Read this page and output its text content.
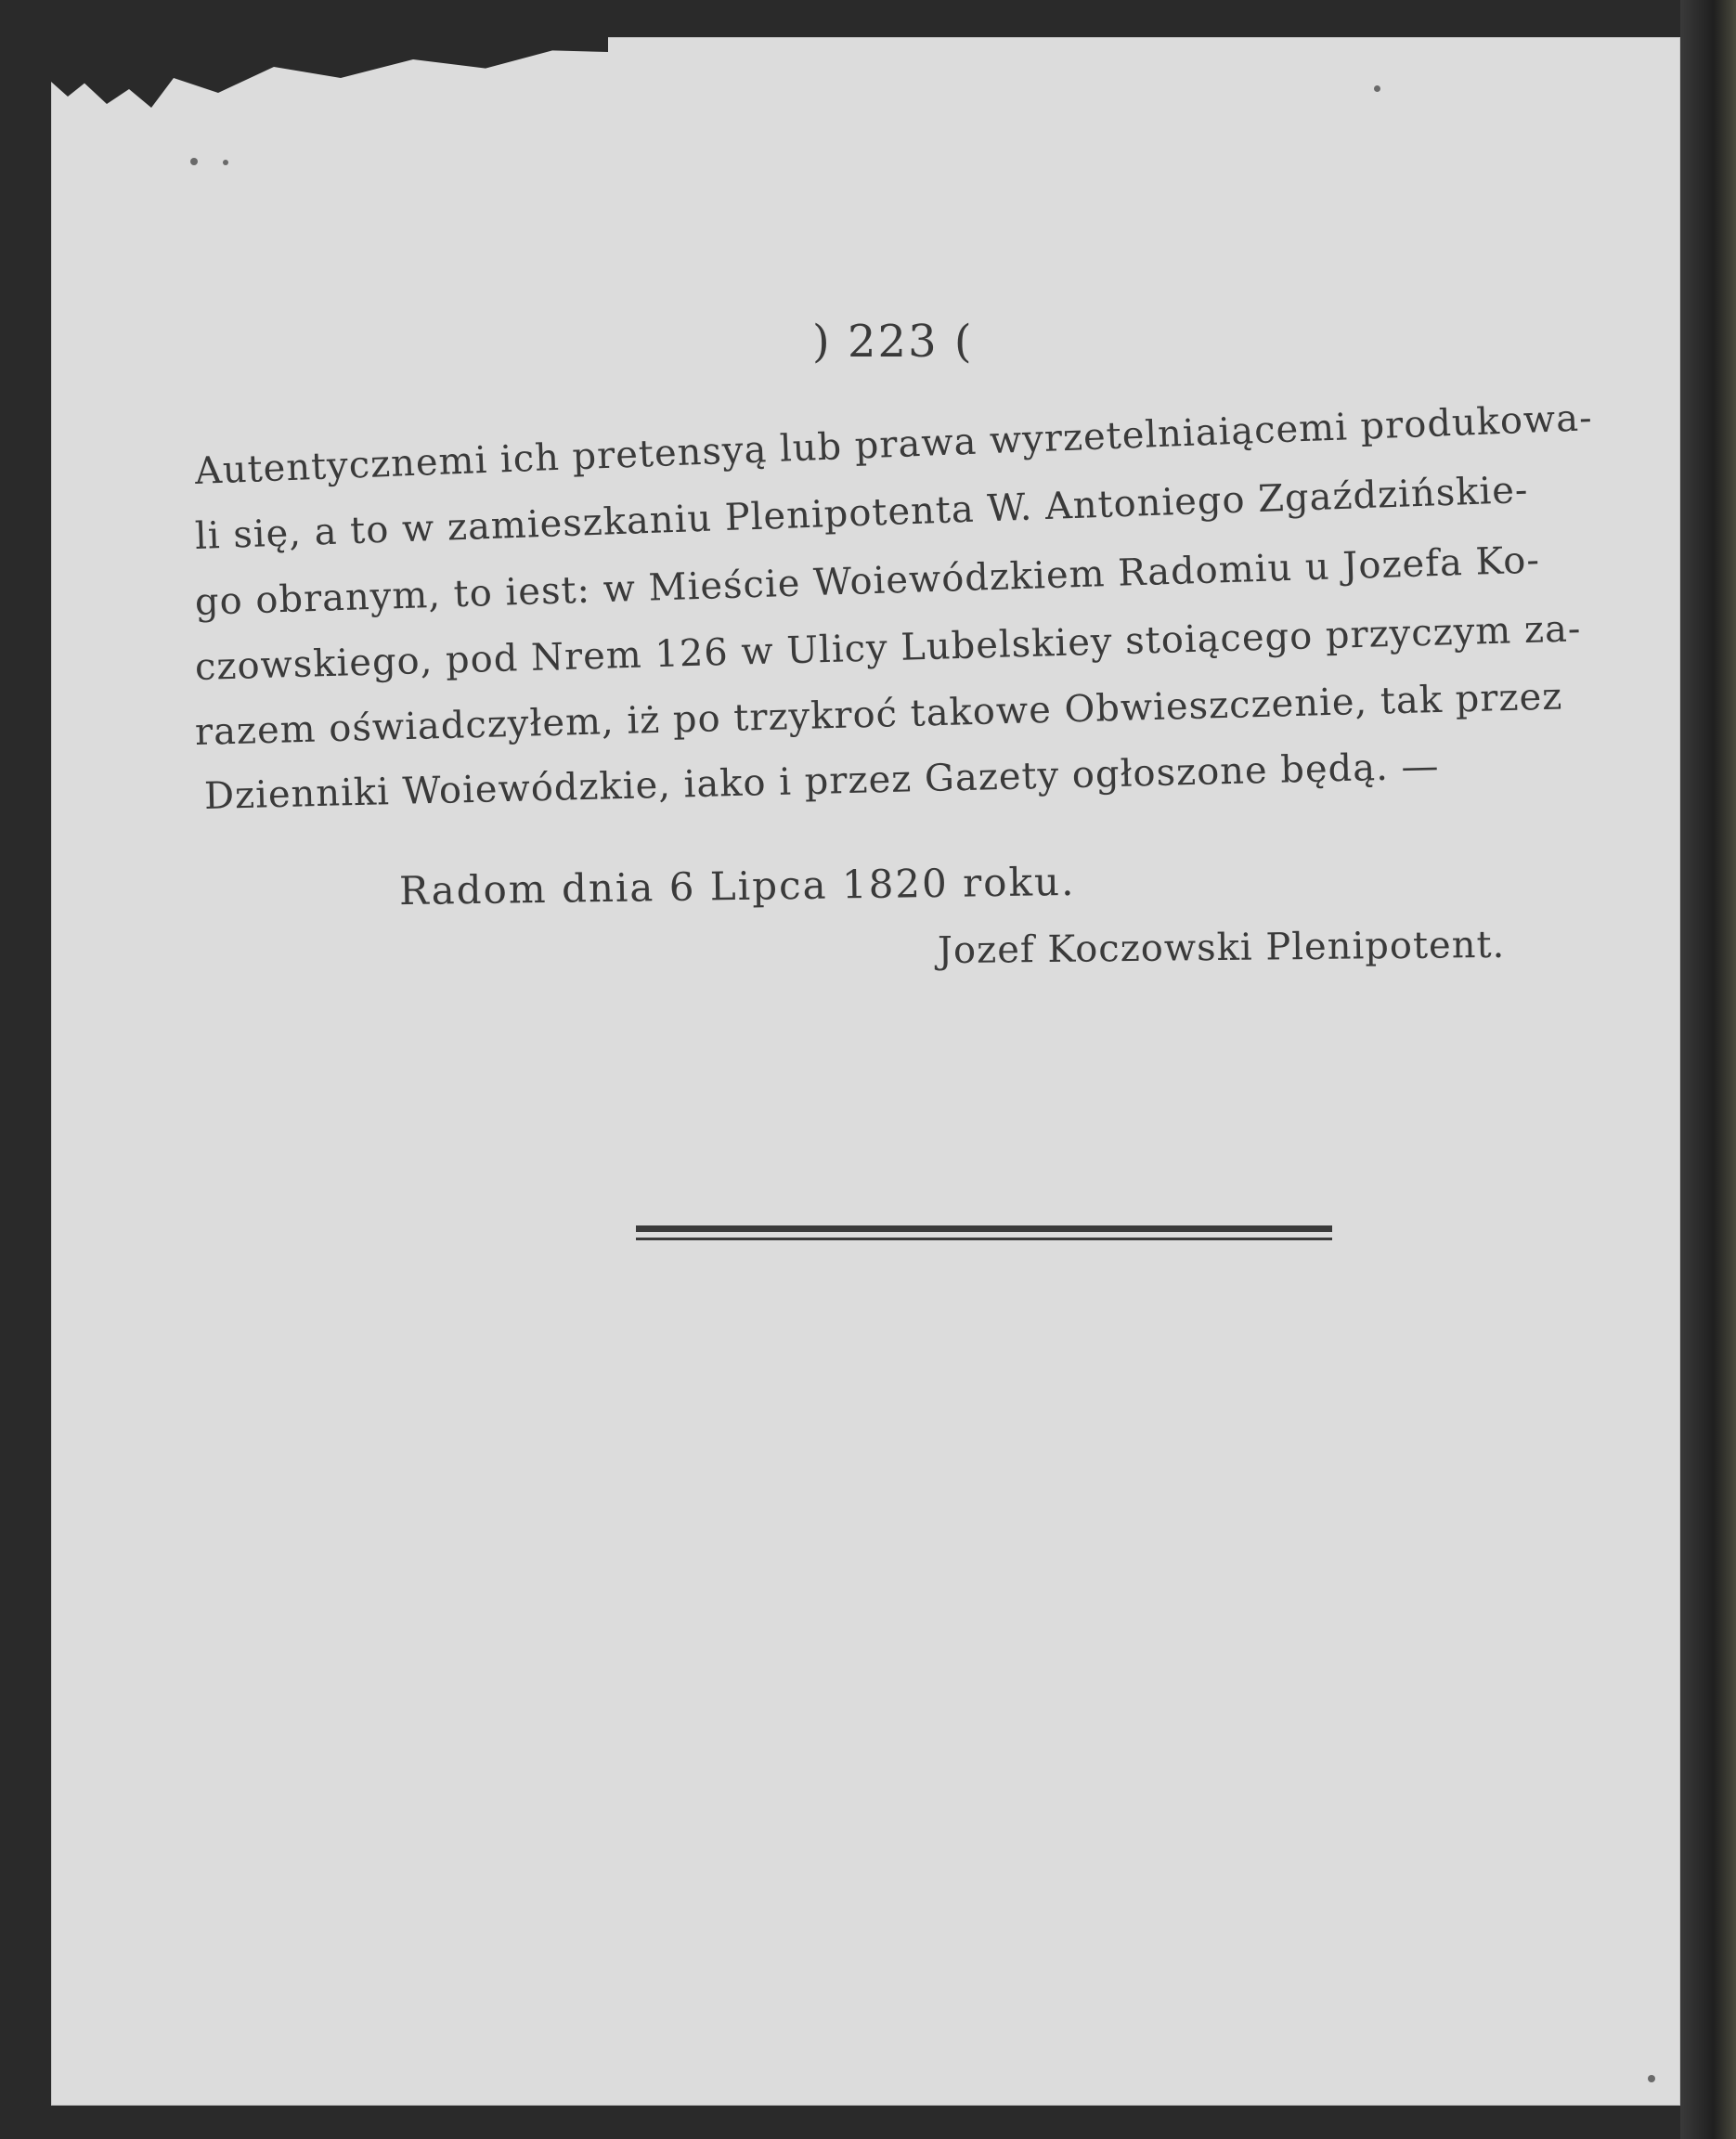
) 223 (
Autentycznemi ich pretensyą lub prawa wyrzetelniaiącemi produkowa-
li się, a to w zamieszkaniu Plenipotenta W. Antoniego Zgaździńskie-
go obranym, to iest: w Mieście Woiewódzkiem Radomiu u Jozefa Ko-
czowskiego, pod Nrem 126 w Ulicy Lubelskiey stoiącego przyczym za-
razem oświadczyłem, iż po trzykroć takowe Obwieszczenie, tak przez
Dzienniki Woiewódzkie, iako i przez Gazety ogłoszone będą. —
Radom dnia 6 Lipca 1820 roku.
Jozef Koczowski Plenipotent.
